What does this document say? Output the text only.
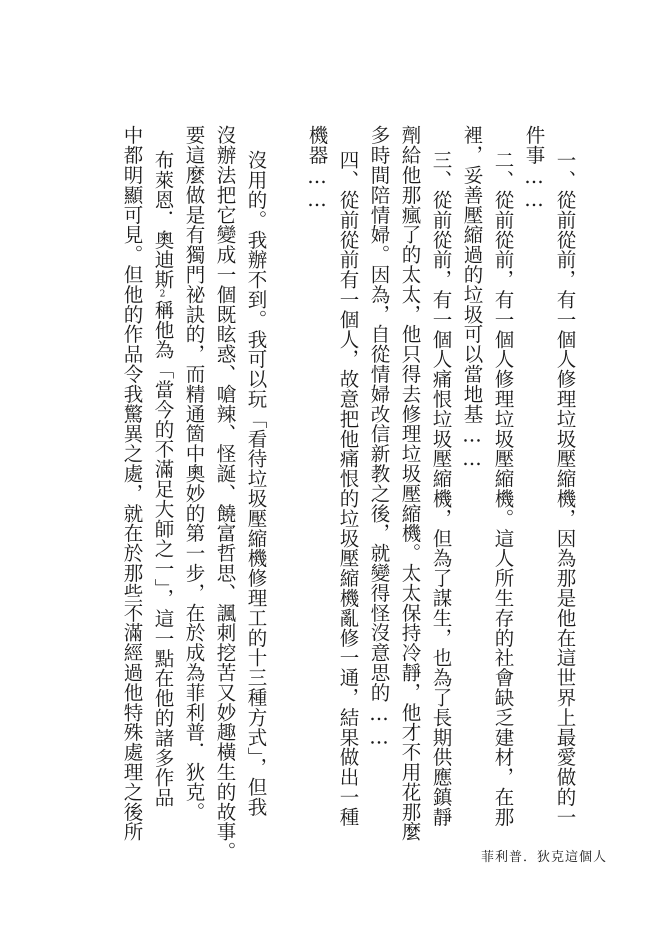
一、從前從前，有一個人修理垃圾壓縮機，因為那是他在這世界上最愛做的一
件事……
二、從前從前，有一個人修理垃圾壓縮機。這人所生存的社會缺乏建材，在那
裡，妥善壓縮過的垃圾可以當地基……
三、從前從前，有一個人痛恨垃圾壓縮機，但為了謀生，也為了長期供應鎮靜
劑給他那瘋了的太太，他只得去修理垃圾壓縮機。太太保持冷靜，他才不用花那麼
多時間陪情婦。因為，自從情婦改信新教之後，就變得怪沒意思的……
四、從前從前有一個人，故意把他痛恨的垃圾壓縮機亂修一通，結果做出一種
機器……
沒用的。我辦不到。我可以玩「看待垃圾壓縮機修理工的十三種方式」，但我
沒辦法把它變成一個既眩惑、嗆辣、怪誕、饒富哲思、諷刺挖苦又妙趣橫生的故事。
要這麼做是有獨門祕訣的，而精通箇中奧妙的第一步，在於成為菲利普．狄克。
布萊恩．奧迪斯2稱他為「當今的不滿足大師之一」，這一點在他的諸多作品
中都明顯可見。但他的作品令我驚異之處，就在於那些不滿經過他特殊處理之後所
菲利普．狄克這個人
